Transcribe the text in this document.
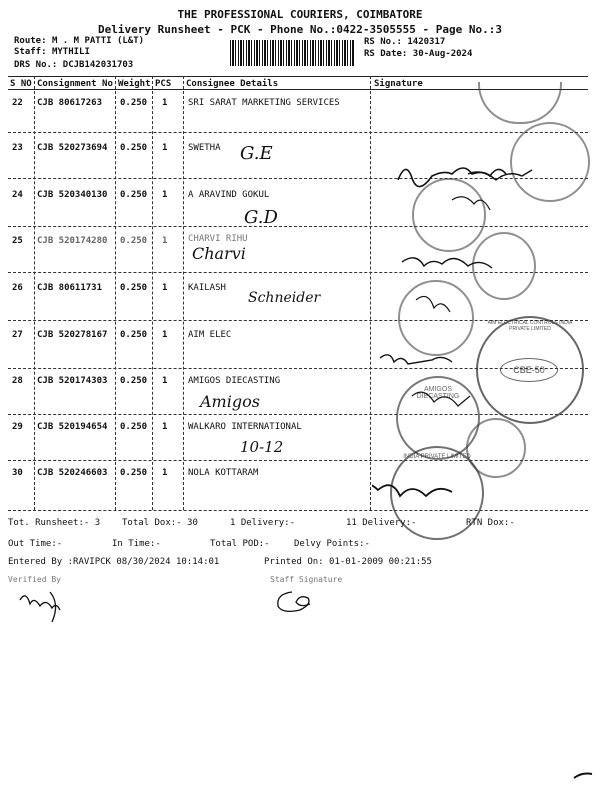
THE PROFESSIONAL COURIERS, COIMBATORE
Delivery Runsheet - PCK - Phone No.:0422-3505555 - Page No.:3
Route: M . M PATTI (L&T)
Staff: MYTHILI
DRS No.: DCJB142031703
RS No.: 1420317
RS Date: 30-Aug-2024
S NO Consignment No Weight PCS Consignee Details	Signature
22 CJB 80617263 0.250 1 SRI SARAT MARKETING SERVICES
23 CJB 520273694 0.250 1 SWETHA G.E
24 CJB 520340130 0.250 1 A ARAVIND GOKUL
G.D
25 CJB 520174280 0.250 1 CHARVI RIHU
Charvi
26 CJB 80611731 0.250 1 KAILASH
Schneider
27 CJB 520278167 0.250 1 AIM ELEC
28 CJB 520174303 0.250 1 AMIGOS DIECASTING
Amigos
29 CJB 520194654 0.250 1 WALKARO INTERNATIONAL
10-12
30 CJB 520246603 0.250 1 NOLA KOTTARAM
CBE-50
AIM ELECTRICAL CONTROLS INDIA PRIVATE LIMITED
AMIGOS DIECASTING
INDIA PRIVATE LIMITED
Tot. Runsheet:- 3 Total Dox:- 30	1 Delivery:-	11 Delivery:-	RTN Dox:-
Out Time:-	In Time:-	Total POD:-	Delvy Points:-
Entered By :RAVIPCK 08/30/2024 10:14:01	Printed On: 01-01-2009 00:21:55
Verified By	Staff Signature
